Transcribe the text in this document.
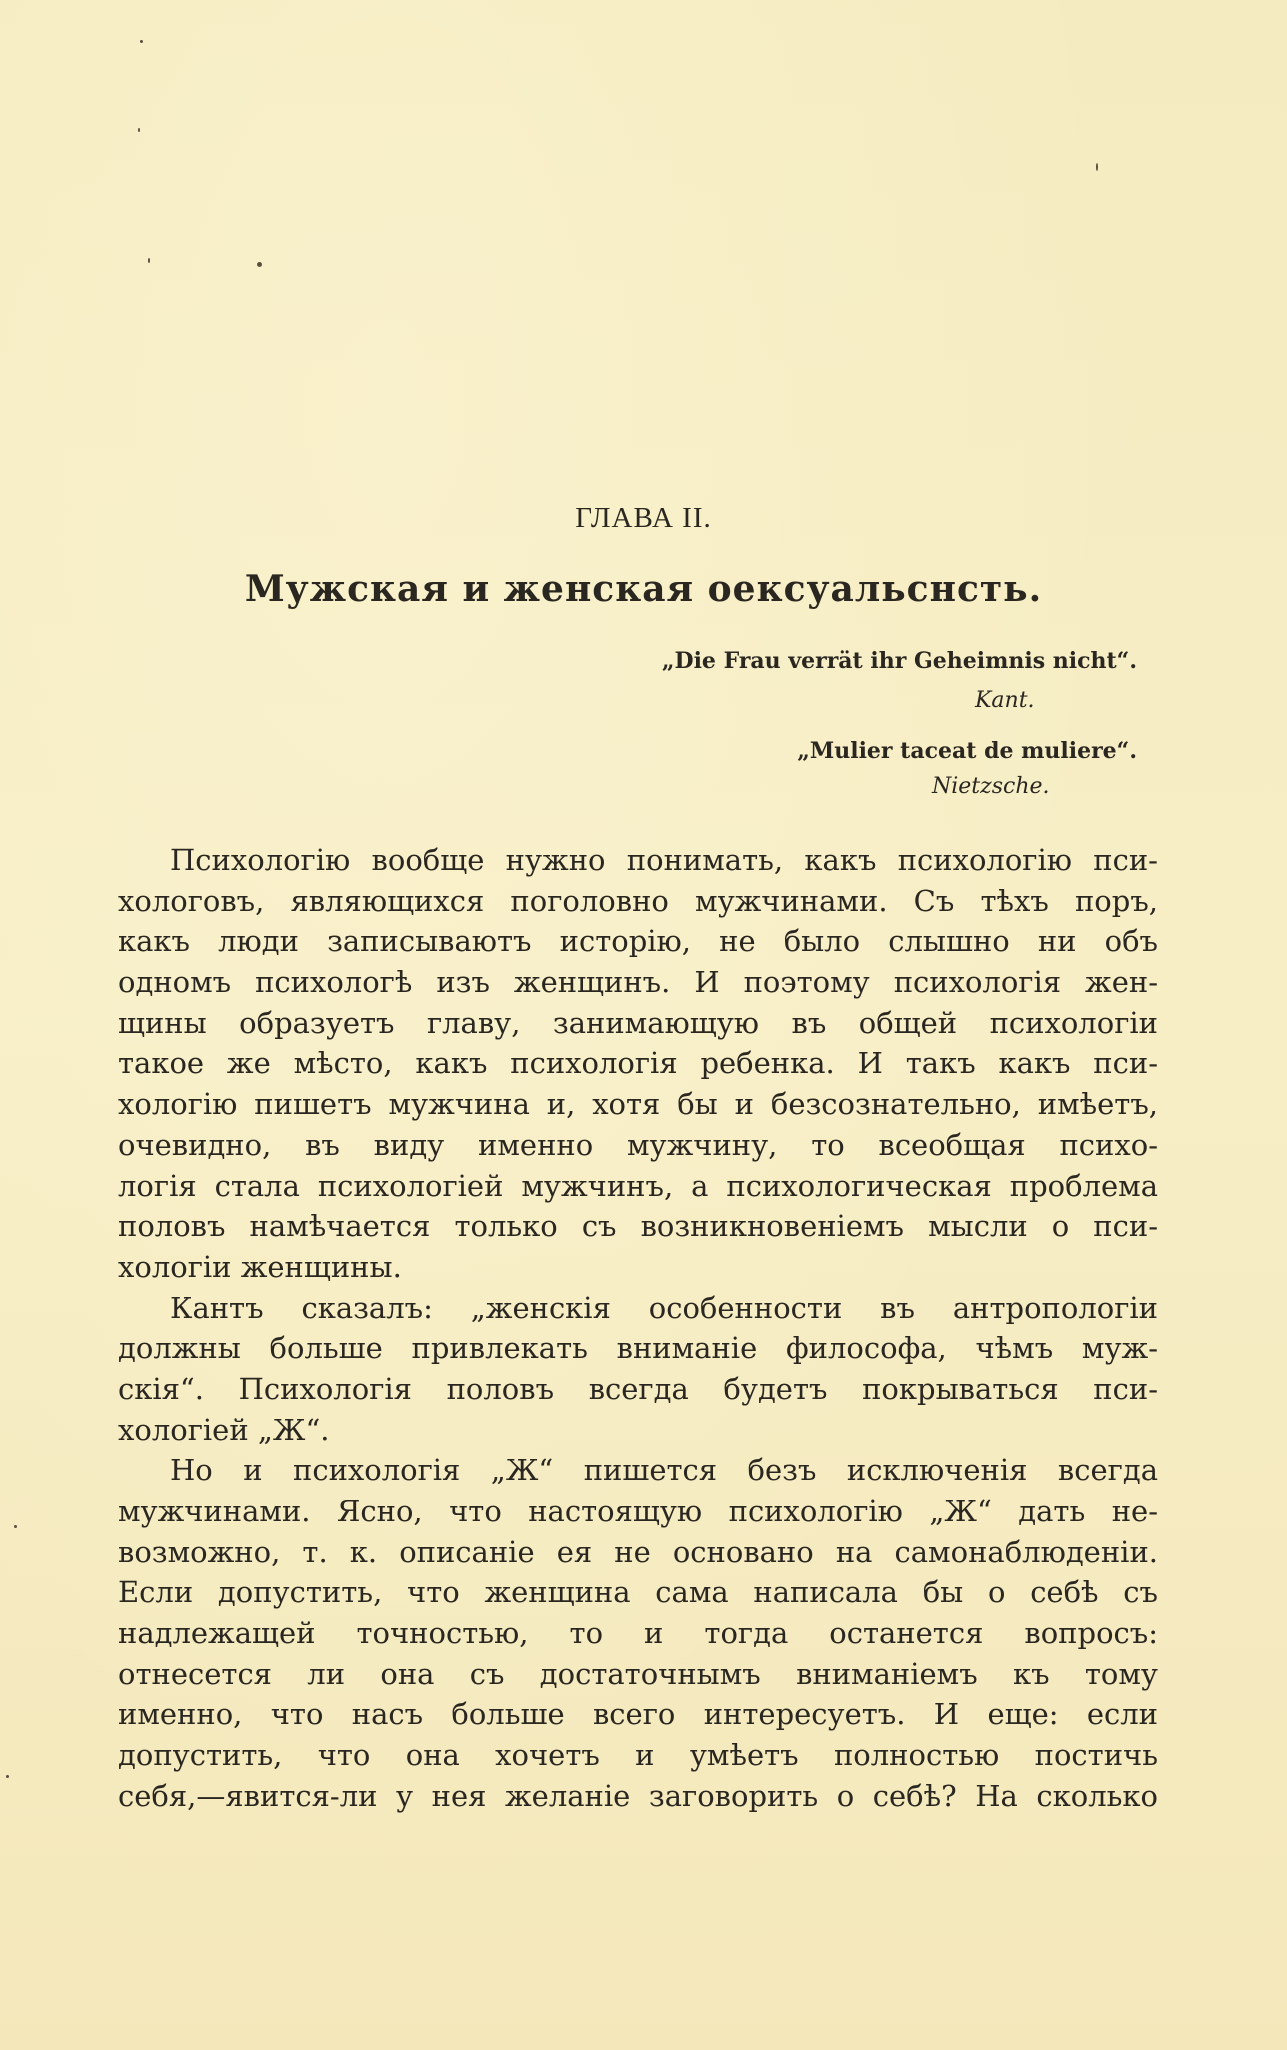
ГЛАВА II.
Мужская и женская оексуальснсть.
„Die Frau verrät ihr Geheimnis nicht“.
Kant.
„Mulier taceat de muliere“.
Nietzsche.
Психологію вообще нужно понимать, какъ психологію пси-
хологовъ, являющихся поголовно мужчинами. Съ тѣхъ поръ,
какъ люди записываютъ исторію, не было слышно ни объ
одномъ психологѣ изъ женщинъ. И поэтому психологія жен-
щины образуетъ главу, занимающую въ общей психологіи
такое же мѣсто, какъ психологія ребенка. И такъ какъ пси-
хологію пишетъ мужчина и, хотя бы и безсознательно, имѣетъ,
очевидно, въ виду именно мужчину, то всеобщая психо-
логія стала психологіей мужчинъ, а психологическая проблема
половъ намѣчается только съ возникновеніемъ мысли о пси-
хологіи женщины.
Кантъ сказалъ: „женскія особенности въ антропологіи
должны больше привлекать вниманіе философа, чѣмъ муж-
скія“. Психологія половъ всегда будетъ покрываться пси-
хологіей „Ж“.
Но и психологія „Ж“ пишется безъ исключенія всегда
мужчинами. Ясно, что настоящую психологію „Ж“ дать не-
возможно, т. к. описаніе ея не основано на самонаблюденіи.
Если допустить, что женщина сама написала бы о себѣ съ
надлежащей точностью, то и тогда останется вопросъ:
отнесется ли она съ достаточнымъ вниманіемъ къ тому
именно, что насъ больше всего интересуетъ. И еще: если
допустить, что она хочетъ и умѣетъ полностью постичь
себя,—явится-ли у нея желаніе заговорить о себѣ? На сколько
